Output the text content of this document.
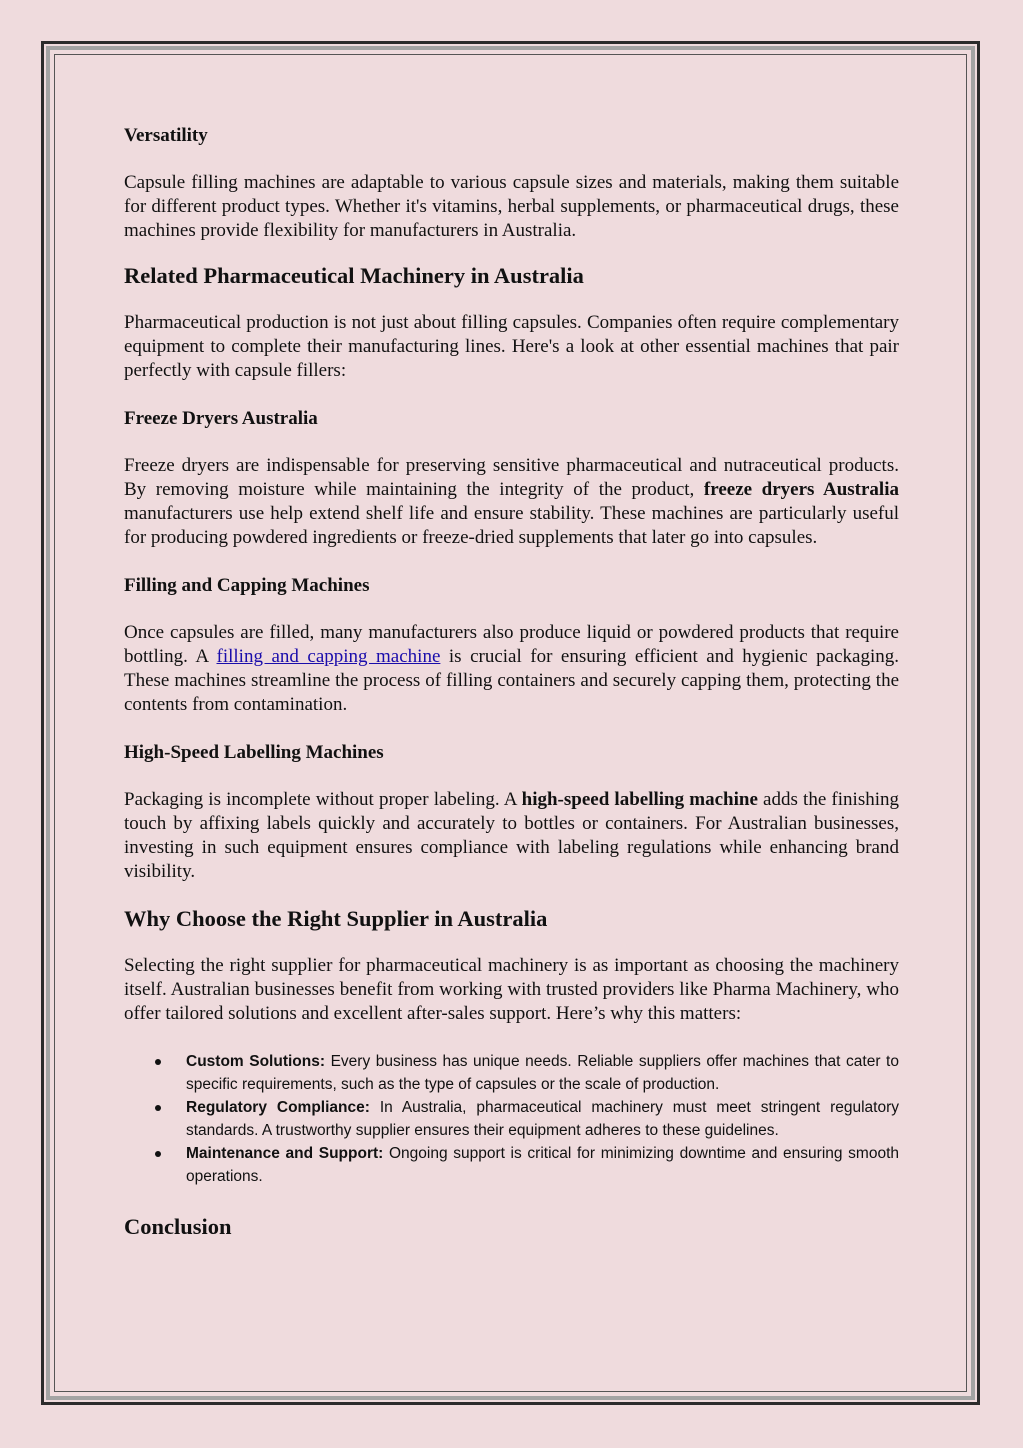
Versatility

Capsule filling machines are adaptable to various capsule sizes and materials, making them suitable for different product types. Whether it's vitamins, herbal supplements, or pharmaceutical drugs, these machines provide flexibility for manufacturers in Australia.

Related Pharmaceutical Machinery in Australia

Pharmaceutical production is not just about filling capsules. Companies often require complementary equipment to complete their manufacturing lines. Here's a look at other essential machines that pair perfectly with capsule fillers:

Freeze Dryers Australia

Freeze dryers are indispensable for preserving sensitive pharmaceutical and nutraceutical products. By removing moisture while maintaining the integrity of the product, freeze dryers Australia manufacturers use help extend shelf life and ensure stability. These machines are particularly useful for producing powdered ingredients or freeze-dried supplements that later go into capsules.

Filling and Capping Machines

Once capsules are filled, many manufacturers also produce liquid or powdered products that require bottling. A filling and capping machine is crucial for ensuring efficient and hygienic packaging. These machines streamline the process of filling containers and securely capping them, protecting the contents from contamination.

High-Speed Labelling Machines

Packaging is incomplete without proper labeling. A high-speed labelling machine adds the finishing touch by affixing labels quickly and accurately to bottles or containers. For Australian businesses, investing in such equipment ensures compliance with labeling regulations while enhancing brand visibility.

Why Choose the Right Supplier in Australia

Selecting the right supplier for pharmaceutical machinery is as important as choosing the machinery itself. Australian businesses benefit from working with trusted providers like Pharma Machinery, who offer tailored solutions and excellent after-sales support. Here’s why this matters:

Custom Solutions: Every business has unique needs. Reliable suppliers offer machines that cater to specific requirements, such as the type of capsules or the scale of production.
Regulatory Compliance: In Australia, pharmaceutical machinery must meet stringent regulatory standards. A trustworthy supplier ensures their equipment adheres to these guidelines.
Maintenance and Support: Ongoing support is critical for minimizing downtime and ensuring smooth operations.
Conclusion
